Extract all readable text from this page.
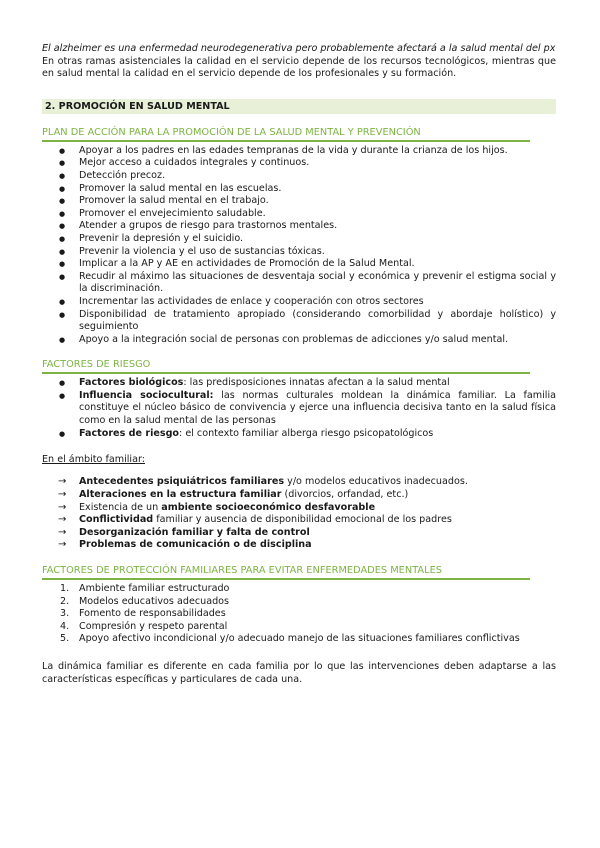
El alzheimer es una enfermedad neurodegenerativa pero probablemente afectará a la salud mental del px

En otras ramas asistenciales la calidad en el servicio depende de los recursos tecnológicos, mientras que en salud mental la calidad en el servicio depende de los profesionales y su formación.

2. PROMOCIÓN EN SALUD MENTAL

PLAN DE ACCIÓN PARA LA PROMOCIÓN DE LA SALUD MENTAL Y PREVENCIÓN

● Apoyar a los padres en las edades tempranas de la vida y durante la crianza de los hijos.
● Mejor acceso a cuidados integrales y continuos.
● Detección precoz.
● Promover la salud mental en las escuelas.
● Promover la salud mental en el trabajo.
● Promover el envejecimiento saludable.
● Atender a grupos de riesgo para trastornos mentales.
● Prevenir la depresión y el suicidio.
● Prevenir la violencia y el uso de sustancias tóxicas.
● Implicar a la AP y AE en actividades de Promoción de la Salud Mental.
● Recudir al máximo las situaciones de desventaja social y económica y prevenir el estigma social y la discriminación.
● Incrementar las actividades de enlace y cooperación con otros sectores
● Disponibilidad de tratamiento apropiado (considerando comorbilidad y abordaje holístico) y seguimiento
● Apoyo a la integración social de personas con problemas de adicciones y/o salud mental.

FACTORES DE RIESGO

● Factores biológicos: las predisposiciones innatas afectan a la salud mental
● Influencia sociocultural: las normas culturales moldean la dinámica familiar. La familia constituye el núcleo básico de convivencia y ejerce una influencia decisiva tanto en la salud física como en la salud mental de las personas
● Factores de riesgo: el contexto familiar alberga riesgo psicopatológicos

En el ámbito familiar:

→ Antecedentes psiquiátricos familiares y/o modelos educativos inadecuados.
→ Alteraciones en la estructura familiar (divorcios, orfandad, etc.)
→ Existencia de un ambiente socioeconómico desfavorable
→ Conflictividad familiar y ausencia de disponibilidad emocional de los padres
→ Desorganización familiar y falta de control
→ Problemas de comunicación o de disciplina

FACTORES DE PROTECCIÓN FAMILIARES PARA EVITAR ENFERMEDADES MENTALES

1. Ambiente familiar estructurado
2. Modelos educativos adecuados
3. Fomento de responsabilidades
4. Compresión y respeto parental
5. Apoyo afectivo incondicional y/o adecuado manejo de las situaciones familiares conflictivas

La dinámica familiar es diferente en cada familia por lo que las intervenciones deben adaptarse a las características específicas y particulares de cada una.
